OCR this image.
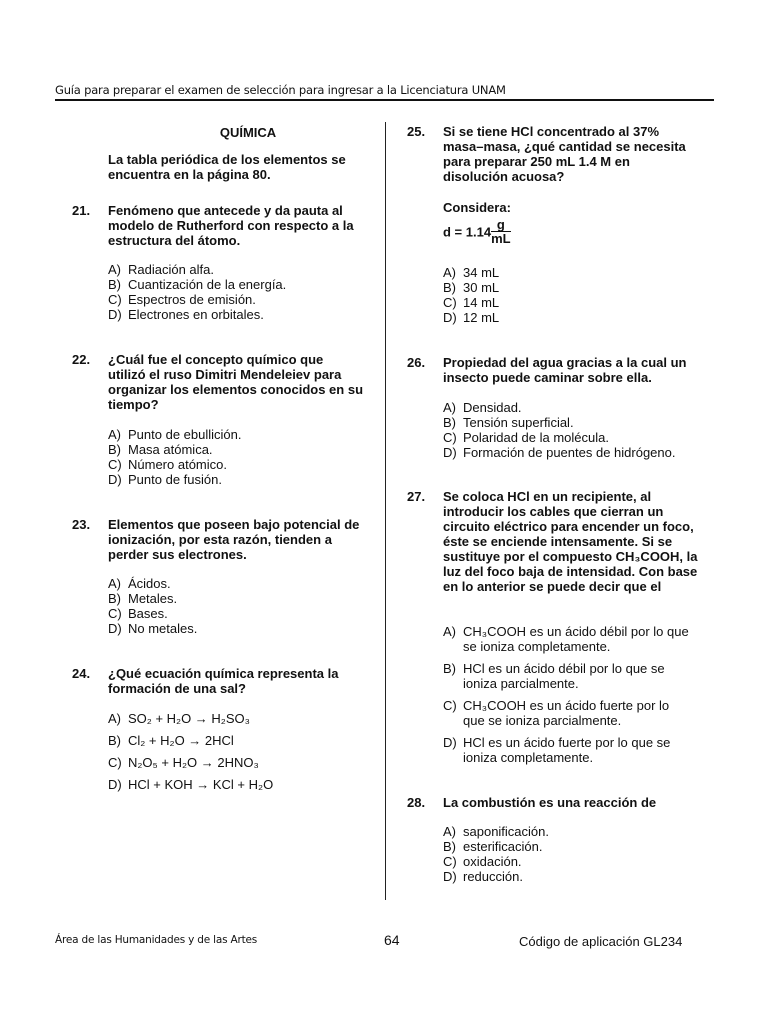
Guía para preparar el examen de selección para ingresar a la Licenciatura UNAM
QUÍMICA
La tabla periódica de los elementos se encuentra en la página 80.
21. Fenómeno que antecede y da pauta al modelo de Rutherford con respecto a la estructura del átomo.
A) Radiación alfa.
B) Cuantización de la energía.
C) Espectros de emisión.
D) Electrones en orbitales.
22. ¿Cuál fue el concepto químico que utilizó el ruso Dimitri Mendeleiev para organizar los elementos conocidos en su tiempo?
A) Punto de ebullición.
B) Masa atómica.
C) Número atómico.
D) Punto de fusión.
23. Elementos que poseen bajo potencial de ionización, por esta razón, tienden a perder sus electrones.
A) Ácidos.
B) Metales.
C) Bases.
D) No metales.
24. ¿Qué ecuación química representa la formación de una sal?
A) SO₂ + H₂O → H₂SO₃
B) Cl₂ + H₂O → 2HCl
C) N₂O₅ + H₂O → 2HNO₃
D) HCl + KOH → KCl + H₂O
25. Si se tiene HCl concentrado al 37% masa–masa, ¿qué cantidad se necesita para preparar 250 mL 1.4 M en disolución acuosa?
Considera:
$d = 1.14 \frac{g}{mL}$
A) 34 mL
B) 30 mL
C) 14 mL
D) 12 mL
26. Propiedad del agua gracias a la cual un insecto puede caminar sobre ella.
A) Densidad.
B) Tensión superficial.
C) Polaridad de la molécula.
D) Formación de puentes de hidrógeno.
27. Se coloca HCl en un recipiente, al introducir los cables que cierran un circuito eléctrico para encender un foco, éste se enciende intensamente. Si se sustituye por el compuesto CH₃COOH, la luz del foco baja de intensidad. Con base en lo anterior se puede decir que el
A) CH₃COOH es un ácido débil por lo que se ioniza completamente.
B) HCl es un ácido débil por lo que se ioniza parcialmente.
C) CH₃COOH es un ácido fuerte por lo que se ioniza parcialmente.
D) HCl es un ácido fuerte por lo que se ioniza completamente.
28. La combustión es una reacción de
A) saponificación.
B) esterificación.
C) oxidación.
D) reducción.
Área de las Humanidades y de las Artes	64	Código de aplicación GL234
